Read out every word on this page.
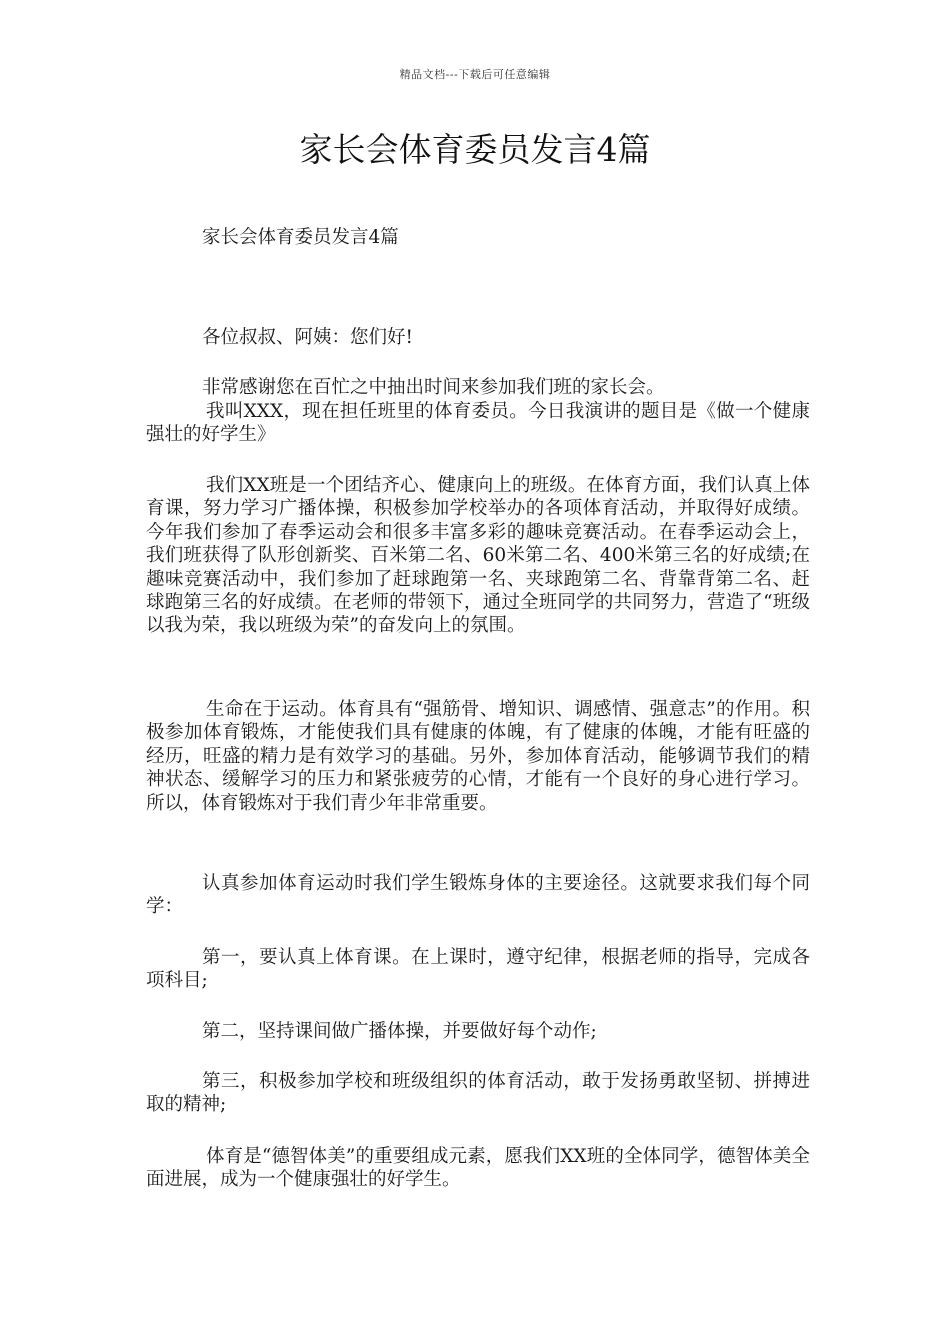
精品文档---下载后可任意编辑
家长会体育委员发言4篇

家长会体育委员发言4篇

各位叔叔、阿姨：您们好!

非常感谢您在百忙之中抽出时间来参加我们班的家长会。

我叫XXX，现在担任班里的体育委员。今日我演讲的题目是《做一个健康强壮的好学生》

我们XX班是一个团结齐心、健康向上的班级。在体育方面，我们认真上体育课，努力学习广播体操，积极参加学校举办的各项体育活动，并取得好成绩。今年我们参加了春季运动会和很多丰富多彩的趣味竞赛活动。在春季运动会上，我们班获得了队形创新奖、百米第二名、60米第二名、400米第三名的好成绩;在趣味竞赛活动中，我们参加了赶球跑第一名、夹球跑第二名、背靠背第二名、赶球跑第三名的好成绩。在老师的带领下，通过全班同学的共同努力，营造了“班级以我为荣，我以班级为荣”的奋发向上的氛围。

生命在于运动。体育具有“强筋骨、增知识、调感情、强意志”的作用。积极参加体育锻炼，才能使我们具有健康的体魄，有了健康的体魄，才能有旺盛的经历，旺盛的精力是有效学习的基础。另外，参加体育活动，能够调节我们的精神状态、缓解学习的压力和紧张疲劳的心情，才能有一个良好的身心进行学习。所以，体育锻炼对于我们青少年非常重要。

认真参加体育运动时我们学生锻炼身体的主要途径。这就要求我们每个同学：

第一，要认真上体育课。在上课时，遵守纪律，根据老师的指导，完成各项科目;

第二，坚持课间做广播体操，并要做好每个动作;

第三，积极参加学校和班级组织的体育活动，敢于发扬勇敢坚韧、拼搏进取的精神;

体育是“德智体美”的重要组成元素，愿我们XX班的全体同学，德智体美全面进展，成为一个健康强壮的好学生。
